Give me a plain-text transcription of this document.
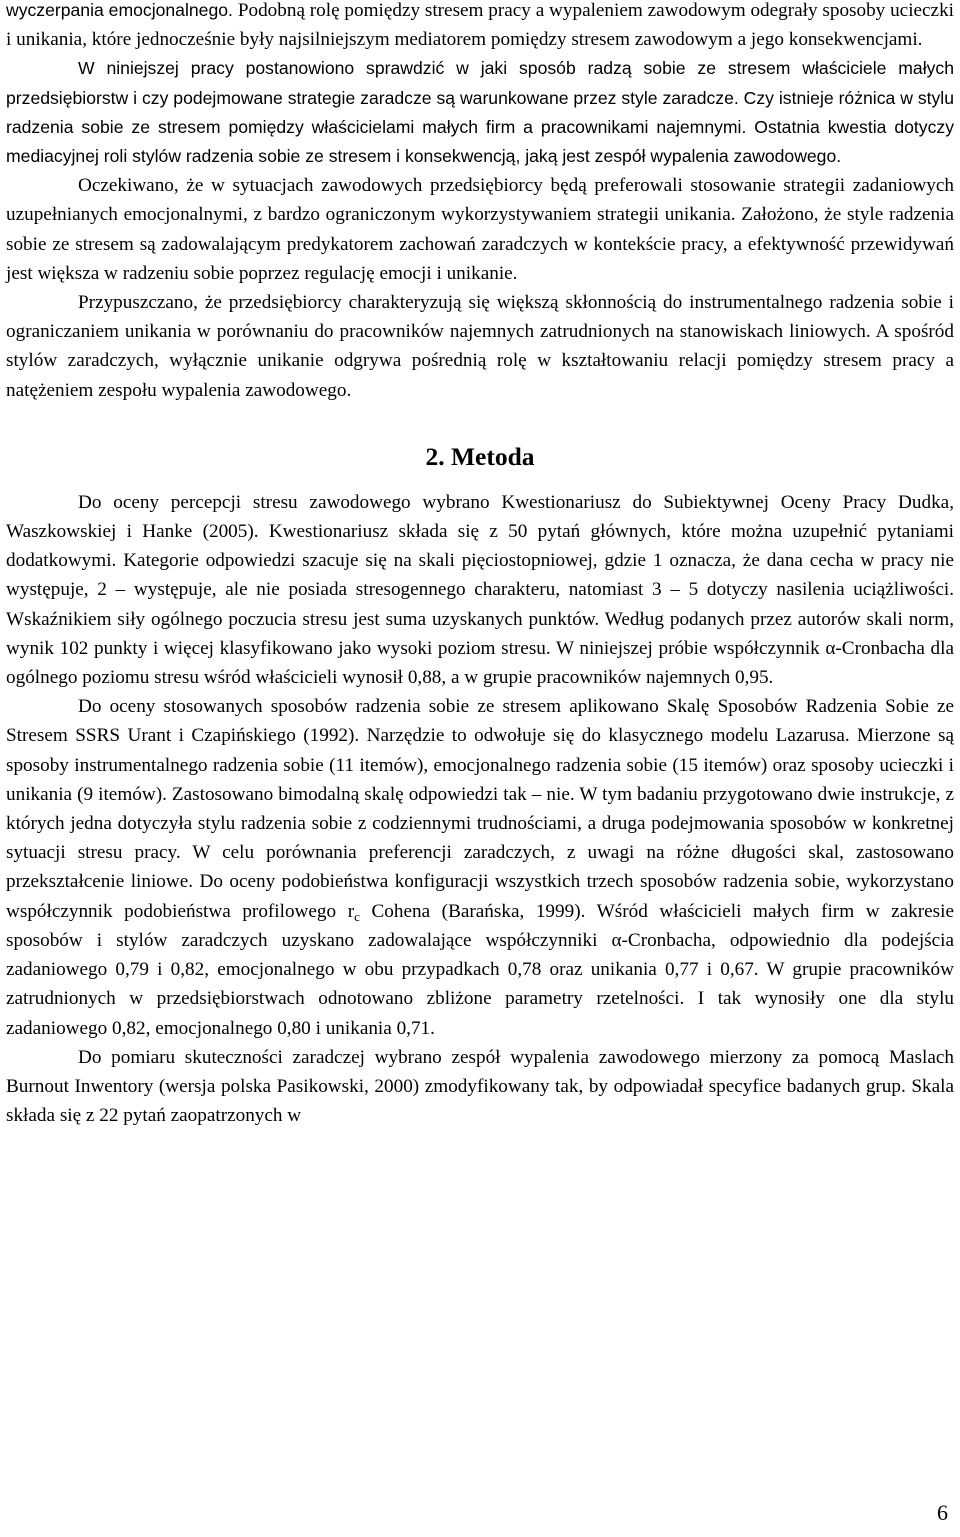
wyczerpania emocjonalnego. Podobną rolę pomiędzy stresem pracy a wypaleniem zawodowym odegrały sposoby ucieczki i unikania, które jednocześnie były najsilniejszym mediatorem pomiędzy stresem zawodowym a jego konsekwencjami.

W niniejszej pracy postanowiono sprawdzić w jaki sposób radzą sobie ze stresem właściciele małych przedsiębiorstw i czy podejmowane strategie zaradcze są warunkowane przez style zaradcze. Czy istnieje różnica w stylu radzenia sobie ze stresem pomiędzy właścicielami małych firm a pracownikami najemnymi. Ostatnia kwestia dotyczy mediacyjnej roli stylów radzenia sobie ze stresem i konsekwencją, jaką jest zespół wypalenia zawodowego.

Oczekiwano, że w sytuacjach zawodowych przedsiębiorcy będą preferowali stosowanie strategii zadaniowych uzupełnianych emocjonalnymi, z bardzo ograniczonym wykorzystywaniem strategii unikania. Założono, że style radzenia sobie ze stresem są zadowalającym predykatorem zachowań zaradczych w kontekście pracy, a efektywność przewidywań jest większa w radzeniu sobie poprzez regulację emocji i unikanie.

Przypuszczano, że przedsiębiorcy charakteryzują się większą skłonnością do instrumentalnego radzenia sobie i ograniczaniem unikania w porównaniu do pracowników najemnych zatrudnionych na stanowiskach liniowych. A spośród stylów zaradczych, wyłącznie unikanie odgrywa pośrednią rolę w kształtowaniu relacji pomiędzy stresem pracy a natężeniem zespołu wypalenia zawodowego.

2. Metoda

Do oceny percepcji stresu zawodowego wybrano Kwestionariusz do Subiektywnej Oceny Pracy Dudka, Waszkowskiej i Hanke (2005). Kwestionariusz składa się z 50 pytań głównych, które można uzupełnić pytaniami dodatkowymi. Kategorie odpowiedzi szacuje się na skali pięciostopniowej, gdzie 1 oznacza, że dana cecha w pracy nie występuje, 2 – występuje, ale nie posiada stresogennego charakteru, natomiast 3 – 5 dotyczy nasilenia uciążliwości. Wskaźnikiem siły ogólnego poczucia stresu jest suma uzyskanych punktów. Według podanych przez autorów skali norm, wynik 102 punkty i więcej klasyfikowano jako wysoki poziom stresu. W niniejszej próbie współczynnik α-Cronbacha dla ogólnego poziomu stresu wśród właścicieli wynosił 0,88, a w grupie pracowników najemnych 0,95.

Do oceny stosowanych sposobów radzenia sobie ze stresem aplikowano Skalę Sposobów Radzenia Sobie ze Stresem SSRS Urant i Czapińskiego (1992). Narzędzie to odwołuje się do klasycznego modelu Lazarusa. Mierzone są sposoby instrumentalnego radzenia sobie (11 itemów), emocjonalnego radzenia sobie (15 itemów) oraz sposoby ucieczki i unikania (9 itemów). Zastosowano bimodalną skalę odpowiedzi tak – nie. W tym badaniu przygotowano dwie instrukcje, z których jedna dotyczyła stylu radzenia sobie z codziennymi trudnościami, a druga podejmowania sposobów w konkretnej sytuacji stresu pracy. W celu porównania preferencji zaradczych, z uwagi na różne długości skal, zastosowano przekształcenie liniowe. Do oceny podobieństwa konfiguracji wszystkich trzech sposobów radzenia sobie, wykorzystano współczynnik podobieństwa profilowego $r_c$ Cohena (Barańska, 1999). Wśród właścicieli małych firm w zakresie sposobów i stylów zaradczych uzyskano zadowalające współczynniki α-Cronbacha, odpowiednio dla podejścia zadaniowego 0,79 i 0,82, emocjonalnego w obu przypadkach 0,78 oraz unikania 0,77 i 0,67. W grupie pracowników zatrudnionych w przedsiębiorstwach odnotowano zbliżone parametry rzetelności. I tak wynosiły one dla stylu zadaniowego 0,82, emocjonalnego 0,80 i unikania 0,71.

Do pomiaru skuteczności zaradczej wybrano zespół wypalenia zawodowego mierzony za pomocą Maslach Burnout Inwentory (wersja polska Pasikowski, 2000) zmodyfikowany tak, by odpowiadał specyfice badanych grup. Skala składa się z 22 pytań zaopatrzonych w

6
